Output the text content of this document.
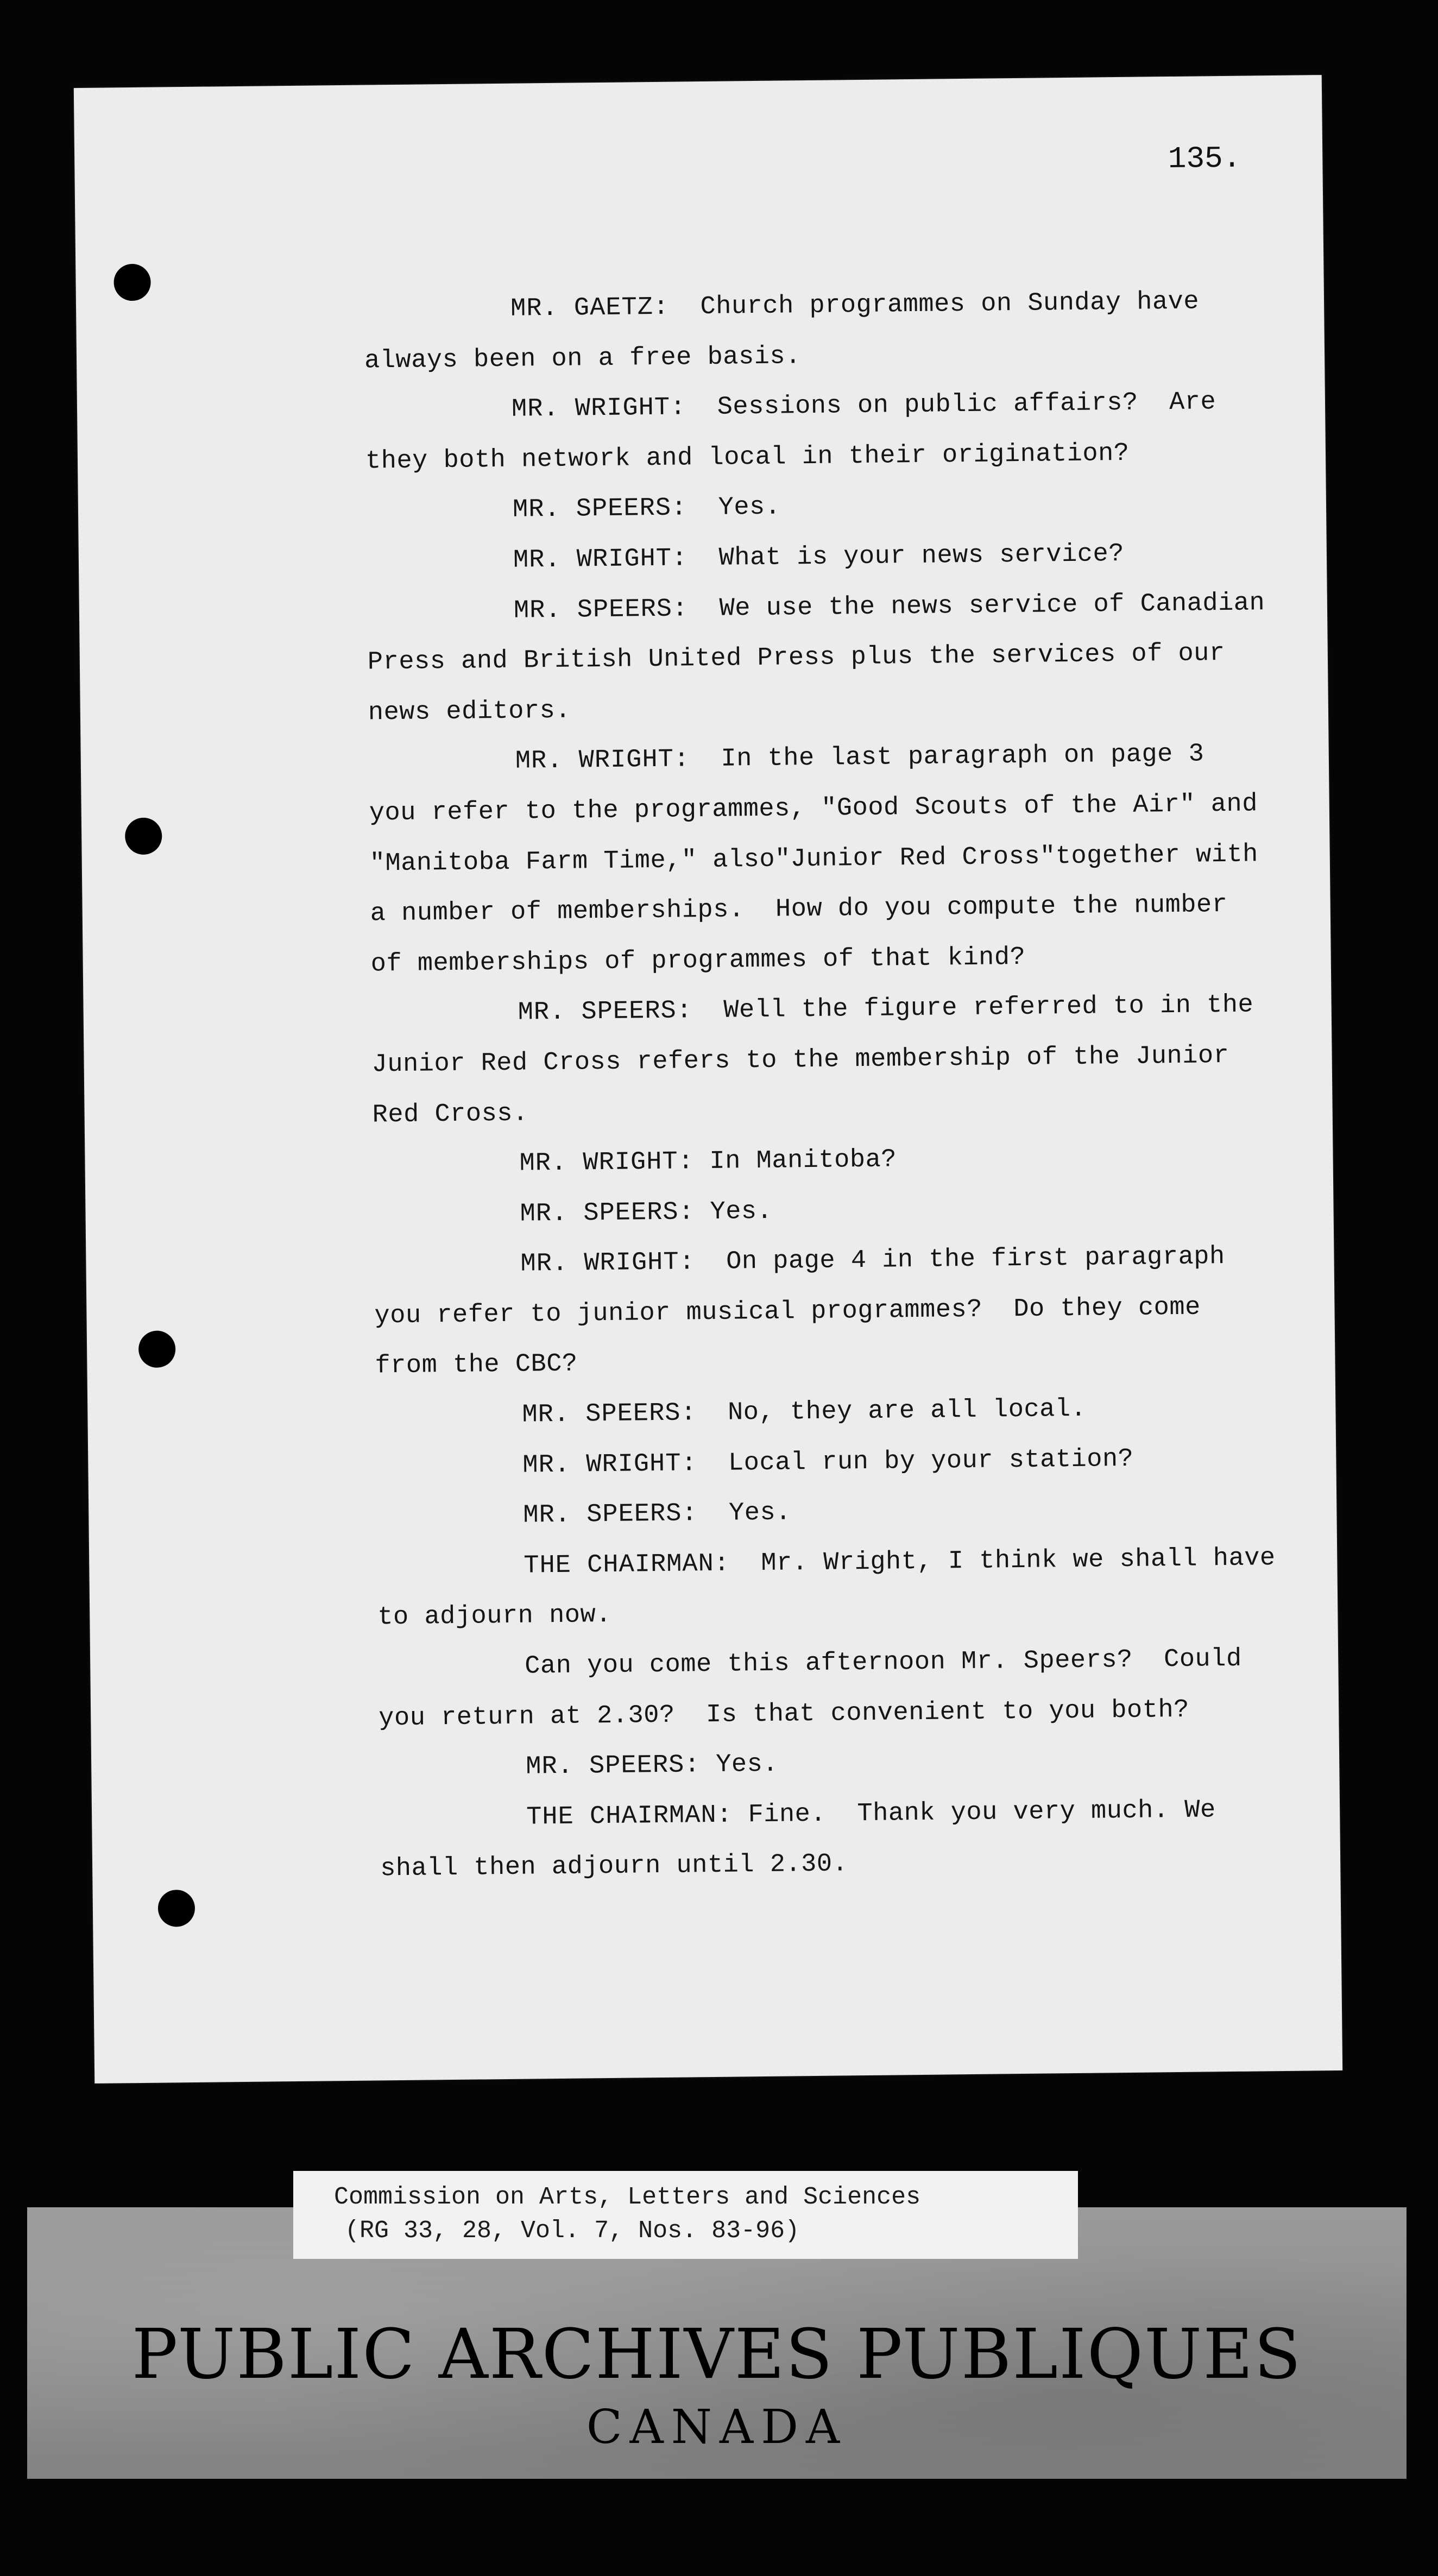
135.
MR. GAETZ:  Church programmes on Sunday have
always been on a free basis.
MR. WRIGHT:  Sessions on public affairs?  Are
they both network and local in their origination?
MR. SPEERS:  Yes.
MR. WRIGHT:  What is your news service?
MR. SPEERS:  We use the news service of Canadian
Press and British United Press plus the services of our
news editors.
MR. WRIGHT:  In the last paragraph on page 3
you refer to the programmes, "Good Scouts of the Air" and
"Manitoba Farm Time," also"Junior Red Cross"together with
a number of memberships.  How do you compute the number
of memberships of programmes of that kind?
MR. SPEERS:  Well the figure referred to in the
Junior Red Cross refers to the membership of the Junior
Red Cross.
MR. WRIGHT: In Manitoba?
MR. SPEERS: Yes.
MR. WRIGHT:  On page 4 in the first paragraph
you refer to junior musical programmes?  Do they come
from the CBC?
MR. SPEERS:  No, they are all local.
MR. WRIGHT:  Local run by your station?
MR. SPEERS:  Yes.
THE CHAIRMAN:  Mr. Wright, I think we shall have
to adjourn now.
Can you come this afternoon Mr. Speers?  Could
you return at 2.30?  Is that convenient to you both?
MR. SPEERS: Yes.
THE CHAIRMAN: Fine.  Thank you very much. We
shall then adjourn until 2.30.
Commission on Arts, Letters and Sciences
(RG 33, 28, Vol. 7, Nos. 83-96)
PUBLIC ARCHIVES PUBLIQUES
CANADA
